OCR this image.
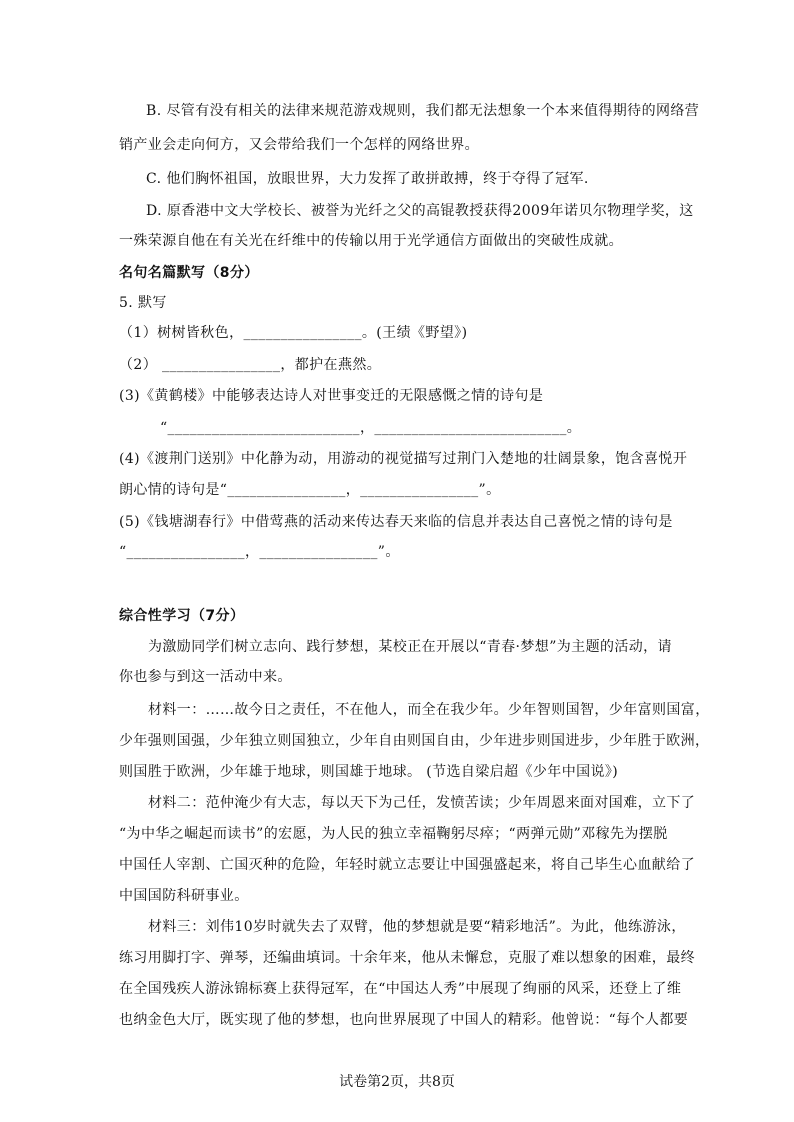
B. 尽管有没有相关的法律来规范游戏规则，我们都无法想象一个本来值得期待的网络营
销产业会走向何方，又会带给我们一个怎样的网络世界。
C. 他们胸怀祖国，放眼世界，大力发挥了敢拼敢搏，终于夺得了冠军.
D. 原香港中文大学校长、被誉为光纤之父的高锟教授获得2009年诺贝尔物理学奖，这
一殊荣源自他在有关光在纤维中的传输以用于光学通信方面做出的突破性成就。
名句名篇默写（8分）
5. 默写
（1）树树皆秋色，________________。(王绩《野望》)
（2） ________________，都护在燕然。
(3)《黄鹤楼》中能够表达诗人对世事变迁的无限感慨之情的诗句是
“__________________________，__________________________。
(4)《渡荆门送别》中化静为动，用游动的视觉描写过荆门入楚地的壮阔景象，饱含喜悦开
朗心情的诗句是“________________，________________”。
(5)《钱塘湖春行》中借莺燕的活动来传达春天来临的信息并表达自己喜悦之情的诗句是
“________________，________________”。
综合性学习（7分）
为激励同学们树立志向、践行梦想，某校正在开展以“青春·梦想”为主题的活动，请
你也参与到这一活动中来。
材料一：……故今日之责任，不在他人，而全在我少年。少年智则国智，少年富则国富，
少年强则国强，少年独立则国独立，少年自由则国自由，少年进步则国进步，少年胜于欧洲，
则国胜于欧洲，少年雄于地球，则国雄于地球。 (节选自梁启超《少年中国说》)
材料二：范仲淹少有大志，每以天下为己任，发愤苦读；少年周恩来面对国难，立下了
“为中华之崛起而读书”的宏愿，为人民的独立幸福鞠躬尽瘁；“两弹元勋”邓稼先为摆脱
中国任人宰割、亡国灭种的危险，年轻时就立志要让中国强盛起来，将自己毕生心血献给了
中国国防科研事业。
材料三：刘伟10岁时就失去了双臂，他的梦想就是要“精彩地活”。为此，他练游泳，
练习用脚打字、弹琴，还编曲填词。十余年来，他从未懈怠，克服了难以想象的困难，最终
在全国残疾人游泳锦标赛上获得冠军，在“中国达人秀”中展现了绚丽的风采，还登上了维
也纳金色大厅，既实现了他的梦想，也向世界展现了中国人的精彩。他曾说：“每个人都要
试卷第2页，共8页
